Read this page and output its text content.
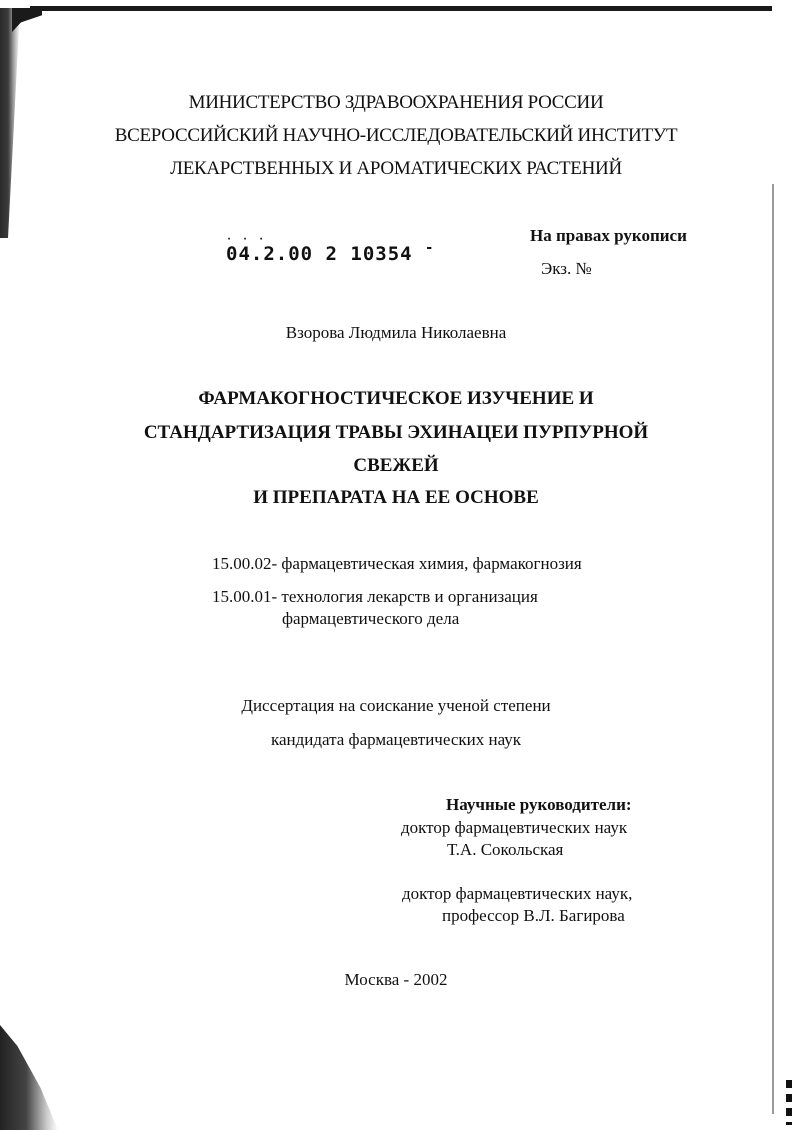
МИНИСТЕРСТВО ЗДРАВООХРАНЕНИЯ РОССИИ
ВСЕРОССИЙСКИЙ НАУЧНО-ИССЛЕДОВАТЕЛЬСКИЙ ИНСТИТУТ
ЛЕКАРСТВЕННЫХ И АРОМАТИЧЕСКИХ РАСТЕНИЙ
На правах рукописи
Экз. №
· · ·
04.2.00 2 10354 -
Взорова Людмила Николаевна
ФАРМАКОГНОСТИЧЕСКОЕ ИЗУЧЕНИЕ И
СТАНДАРТИЗАЦИЯ ТРАВЫ ЭХИНАЦЕИ ПУРПУРНОЙ
СВЕЖЕЙ
И ПРЕПАРАТА НА ЕЕ ОСНОВЕ
15.00.02- фармацевтическая химия, фармакогнозия
15.00.01- технология лекарств и организация
фармацевтического дела
Диссертация на соискание ученой степени
кандидата фармацевтических наук
Научные руководители:
доктор фармацевтических наук
Т.А. Сокольская
доктор фармацевтических наук,
профессор В.Л. Багирова
Москва - 2002
